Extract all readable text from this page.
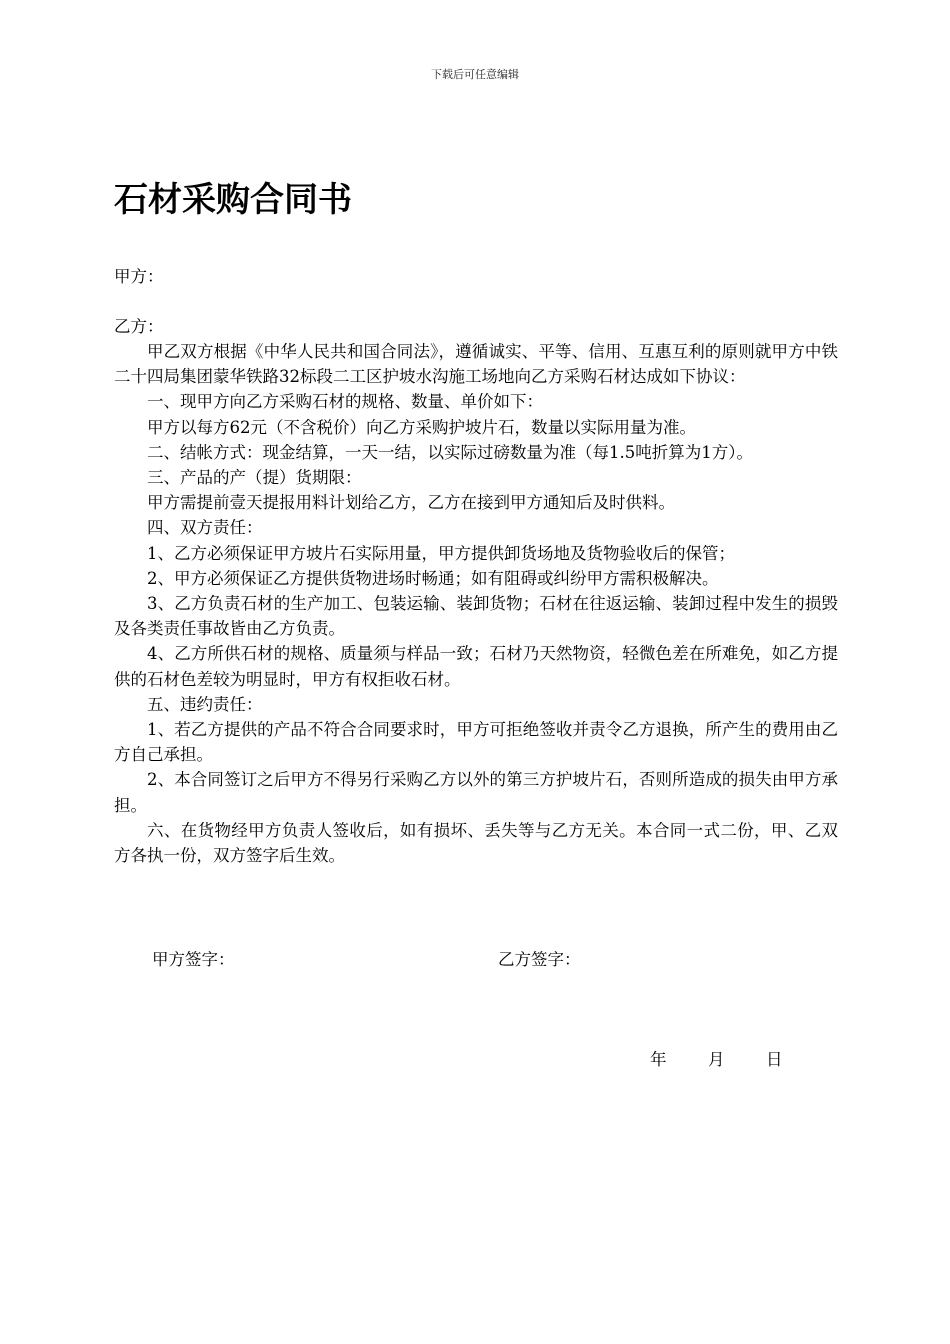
下载后可任意编辑
石材采购合同书

甲方：

乙方：

甲乙双方根据《中华人民共和国合同法》，遵循诚实、平等、信用、互惠互利的原则就甲方中铁二十四局集团蒙华铁路32标段二工区护坡水沟施工场地向乙方采购石材达成如下协议：

一、现甲方向乙方采购石材的规格、数量、单价如下：

甲方以每方62元（不含税价）向乙方采购护坡片石，数量以实际用量为准。

二、结帐方式：现金结算，一天一结，以实际过磅数量为准（每1.5吨折算为1方）。

三、产品的产（提）货期限：

甲方需提前壹天提报用料计划给乙方，乙方在接到甲方通知后及时供料。

四、双方责任：

1、乙方必须保证甲方坡片石实际用量，甲方提供卸货场地及货物验收后的保管；

2、甲方必须保证乙方提供货物进场时畅通；如有阻碍或纠纷甲方需积极解决。

3、乙方负责石材的生产加工、包装运输、装卸货物；石材在往返运输、装卸过程中发生的损毁及各类责任事故皆由乙方负责。

4、乙方所供石材的规格、质量须与样品一致；石材乃天然物资，轻微色差在所难免，如乙方提供的石材色差较为明显时，甲方有权拒收石材。

五、违约责任：

1、若乙方提供的产品不符合合同要求时，甲方可拒绝签收并责令乙方退换，所产生的费用由乙方自己承担。

2、本合同签订之后甲方不得另行采购乙方以外的第三方护坡片石，否则所造成的损失由甲方承担。

六、在货物经甲方负责人签收后，如有损坏、丢失等与乙方无关。本合同一式二份，甲、乙双方各执一份，双方签字后生效。

甲方签字：	乙方签字：
年	月	日
